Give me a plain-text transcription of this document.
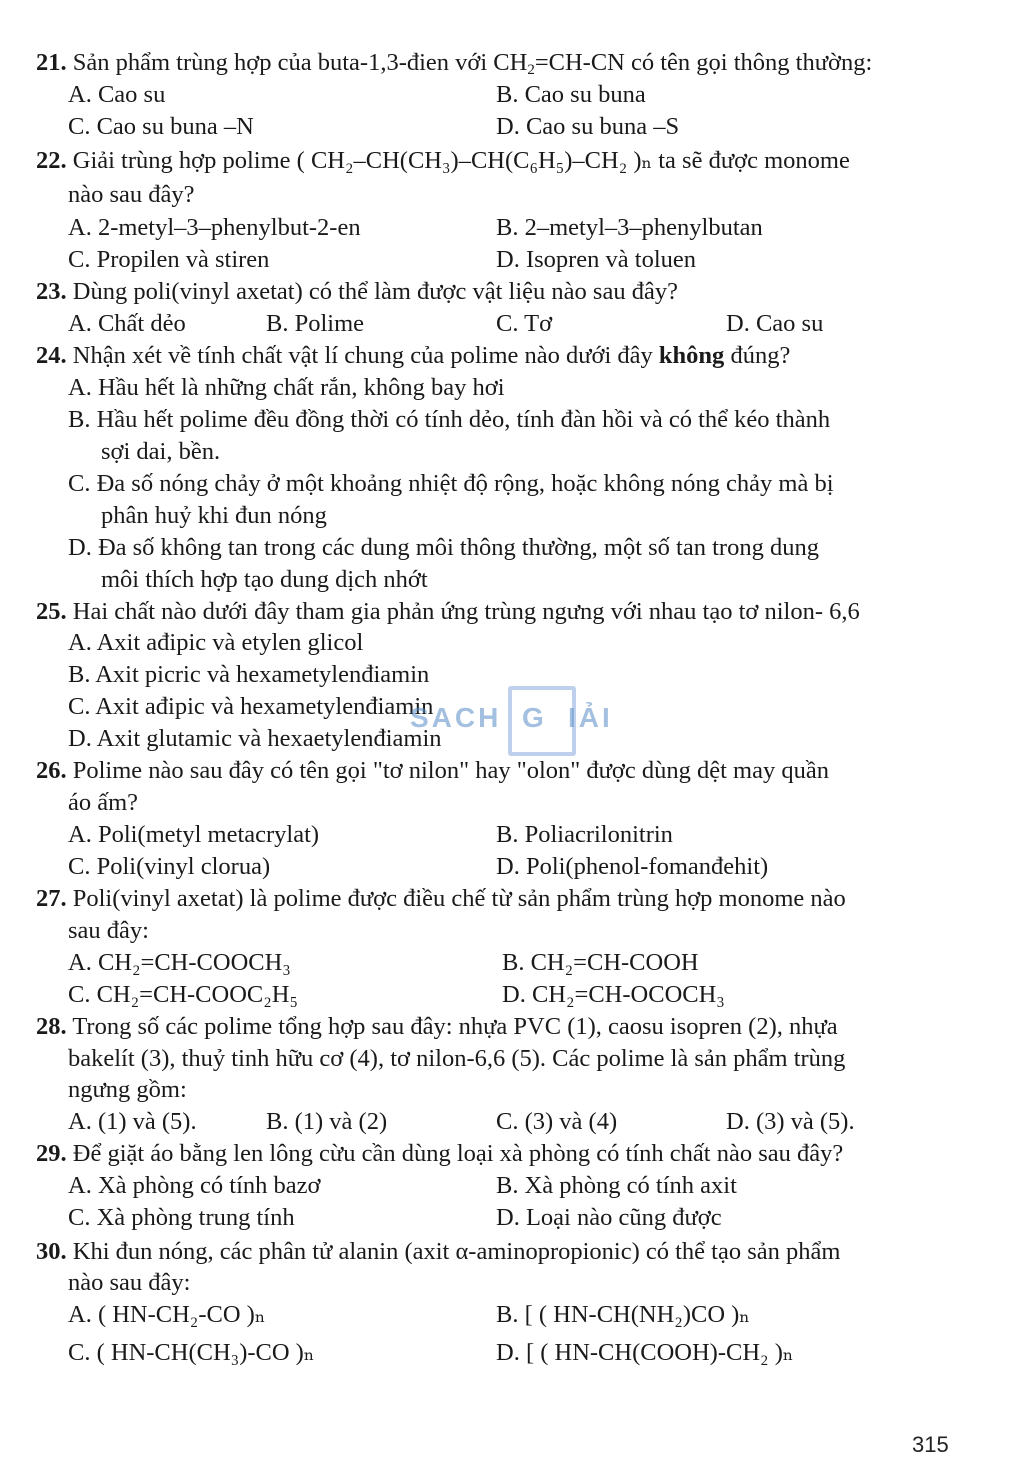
21. Sản phẩm trùng hợp của buta-1,3-đien với $CH_2=CH-CN$ có tên gọi thông thường:
A. Cao su	B. Cao su buna
C. Cao su buna –N	D. Cao su buna –S
22. Giải trùng hợp polime ( CH₂–CH(CH₃)–CH(C₆H₅)–CH₂ )ₙ ta sẽ được monome
nào sau đây?
A. 2-metyl–3–phenylbut-2-en	B. 2–metyl–3–phenylbutan
C. Propilen và stiren	D. Isopren và toluen
23. Dùng poli(vinyl axetat) có thể làm được vật liệu nào sau đây?
A. Chất dẻo	B. Polime	C. Tơ	D. Cao su
24. Nhận xét về tính chất vật lí chung của polime nào dưới đây không đúng?
A. Hầu hết là những chất rắn, không bay hơi
B. Hầu hết polime đều đồng thời có tính dẻo, tính đàn hồi và có thể kéo thành
sợi dai, bền.
C. Đa số nóng chảy ở một khoảng nhiệt độ rộng, hoặc không nóng chảy mà bị
phân huỷ khi đun nóng
D. Đa số không tan trong các dung môi thông thường, một số tan trong dung
môi thích hợp tạo dung dịch nhớt
25. Hai chất nào dưới đây tham gia phản ứng trùng ngưng với nhau tạo tơ nilon- 6,6
A. Axit ađipic và etylen glicol
B. Axit picric và hexametylenđiamin
C. Axit ađipic và hexametylenđiamin
D. Axit glutamic và hexaetylenđiamin
SACH G IẢI
26. Polime nào sau đây có tên gọi "tơ nilon" hay "olon" được dùng dệt may quần
áo ấm?
A. Poli(metyl metacrylat)	B. Poliacrilonitrin
C. Poli(vinyl clorua)	D. Poli(phenol-fomanđehit)
27. Poli(vinyl axetat) là polime được điều chế từ sản phẩm trùng hợp monome nào
sau đây:
A. CH₂=CH-COOCH₃	B. CH₂=CH-COOH
C. CH₂=CH-COOC₂H₅	D. CH₂=CH-OCOCH₃
28. Trong số các polime tổng hợp sau đây: nhựa PVC (1), caosu isopren (2), nhựa
bakelít (3), thuỷ tinh hữu cơ (4), tơ nilon-6,6 (5). Các polime là sản phẩm trùng
ngưng gồm:
A. (1) và (5).	B. (1) và (2)	C. (3) và (4)	D. (3) và (5).
29. Để giặt áo bằng len lông cừu cần dùng loại xà phòng có tính chất nào sau đây?
A. Xà phòng có tính bazơ	B. Xà phòng có tính axit
C. Xà phòng trung tính	D. Loại nào cũng được
30. Khi đun nóng, các phân tử alanin (axit α-aminopropionic) có thể tạo sản phẩm
nào sau đây:
A. ( HN-CH₂-CO )ₙ	B. [ ( HN-CH(NH₂)CO )ₙ
C. ( HN-CH(CH₃)-CO )ₙ	D. [ ( HN-CH(COOH)-CH₂ )ₙ
315
